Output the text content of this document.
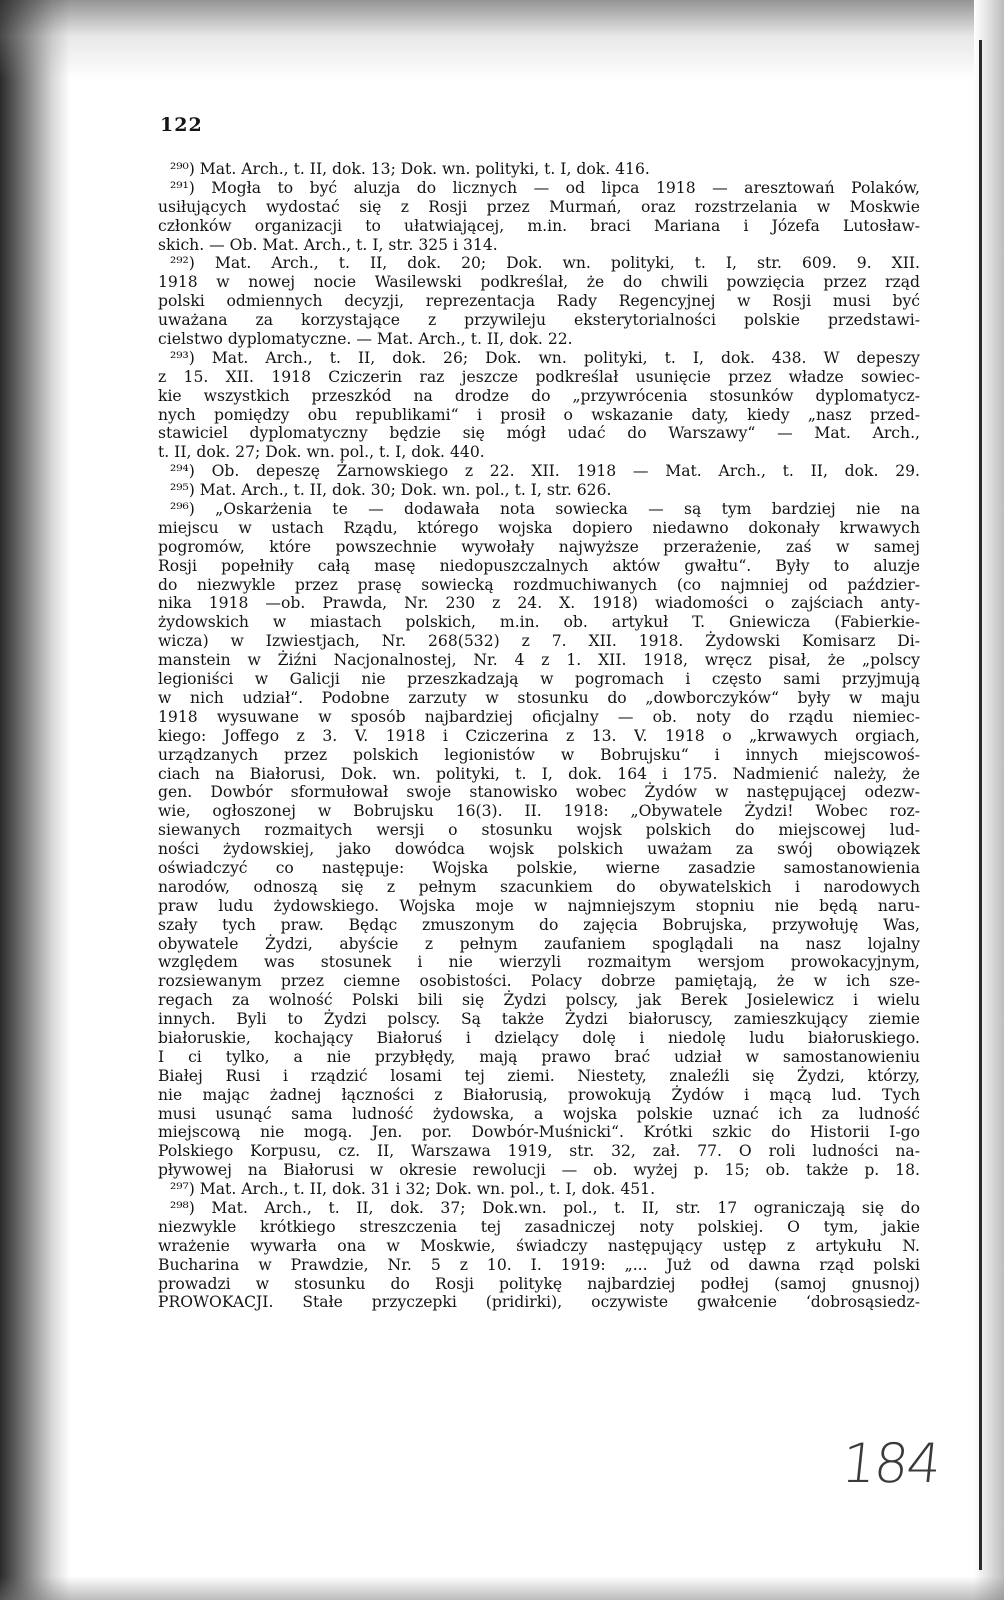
122
²⁹⁰) Mat. Arch., t. II, dok. 13; Dok. wn. polityki, t. I, dok. 416.
²⁹¹) Mogła to być aluzja do licznych — od lipca 1918 — aresztowań Polaków,
usiłujących wydostać się z Rosji przez Murmań, oraz rozstrzelania w Moskwie
członków organizacji to ułatwiającej, m.in. braci Mariana i Józefa Lutosław-
skich. — Ob. Mat. Arch., t. I, str. 325 i 314.
²⁹²) Mat. Arch., t. II, dok. 20; Dok. wn. polityki, t. I, str. 609. 9. XII.
1918 w nowej nocie Wasilewski podkreślał, że do chwili powzięcia przez rząd
polski odmiennych decyzji, reprezentacja Rady Regencyjnej w Rosji musi być
uważana za korzystające z przywileju eksterytorialności polskie przedstawi-
cielstwo dyplomatyczne. — Mat. Arch., t. II, dok. 22.
²⁹³) Mat. Arch., t. II, dok. 26; Dok. wn. polityki, t. I, dok. 438. W depeszy
z 15. XII. 1918 Cziczerin raz jeszcze podkreślał usunięcie przez władze sowiec-
kie wszystkich przeszkód na drodze do „przywrócenia stosunków dyplomatycz-
nych pomiędzy obu republikami“ i prosił o wskazanie daty, kiedy „nasz przed-
stawiciel dyplomatyczny będzie się mógł udać do Warszawy“ — Mat. Arch.,
t. II, dok. 27; Dok. wn. pol., t. I, dok. 440.
²⁹⁴) Ob. depeszę Żarnowskiego z 22. XII. 1918 — Mat. Arch., t. II, dok. 29.
²⁹⁵) Mat. Arch., t. II, dok. 30; Dok. wn. pol., t. I, str. 626.
²⁹⁶) „Oskarżenia te — dodawała nota sowiecka — są tym bardziej nie na
miejscu w ustach Rządu, którego wojska dopiero niedawno dokonały krwawych
pogromów, które powszechnie wywołały najwyższe przerażenie, zaś w samej
Rosji popełniły całą masę niedopuszczalnych aktów gwałtu“. Były to aluzje
do niezwykle przez prasę sowiecką rozdmuchiwanych (co najmniej od paździer-
nika 1918 —ob. Prawda, Nr. 230 z 24. X. 1918) wiadomości o zajściach anty-
żydowskich w miastach polskich, m.in. ob. artykuł T. Gniewicza (Fabierkie-
wicza) w Izwiestjach, Nr. 268(532) z 7. XII. 1918. Żydowski Komisarz Di-
manstein w Żiźni Nacjonalnostej, Nr. 4 z 1. XII. 1918, wręcz pisał, że „polscy
legioniści w Galicji nie przeszkadzają w pogromach i często sami przyjmują
w nich udział“. Podobne zarzuty w stosunku do „dowborczyków“ były w maju
1918 wysuwane w sposób najbardziej oficjalny — ob. noty do rządu niemiec-
kiego: Joffego z 3. V. 1918 i Cziczerina z 13. V. 1918 o „krwawych orgiach,
urządzanych przez polskich legionistów w Bobrujsku“ i innych miejscowoś-
ciach na Białorusi, Dok. wn. polityki, t. I, dok. 164 i 175. Nadmienić należy, że
gen. Dowbór sformułował swoje stanowisko wobec Żydów w następującej odezw-
wie, ogłoszonej w Bobrujsku 16(3). II. 1918: „Obywatele Żydzi! Wobec roz-
siewanych rozmaitych wersji o stosunku wojsk polskich do miejscowej lud-
ności żydowskiej, jako dowódca wojsk polskich uważam za swój obowiązek
oświadczyć co następuje: Wojska polskie, wierne zasadzie samostanowienia
narodów, odnoszą się z pełnym szacunkiem do obywatelskich i narodowych
praw ludu żydowskiego. Wojska moje w najmniejszym stopniu nie będą naru-
szały tych praw. Będąc zmuszonym do zajęcia Bobrujska, przywołuję Was,
obywatele Żydzi, abyście z pełnym zaufaniem spoglądali na nasz lojalny
względem was stosunek i nie wierzyli rozmaitym wersjom prowokacyjnym,
rozsiewanym przez ciemne osobistości. Polacy dobrze pamiętają, że w ich sze-
regach za wolność Polski bili się Żydzi polscy, jak Berek Josielewicz i wielu
innych. Byli to Żydzi polscy. Są także Żydzi białoruscy, zamieszkujący ziemie
białoruskie, kochający Białoruś i dzielący dolę i niedolę ludu białoruskiego.
I ci tylko, a nie przybłędy, mają prawo brać udział w samostanowieniu
Białej Rusi i rządzić losami tej ziemi. Niestety, znaleźli się Żydzi, którzy,
nie mając żadnej łączności z Białorusią, prowokują Żydów i mącą lud. Tych
musi usunąć sama ludność żydowska, a wojska polskie uznać ich za ludność
miejscową nie mogą. Jen. por. Dowbór-Muśnicki“. Krótki szkic do Historii I-go
Polskiego Korpusu, cz. II, Warszawa 1919, str. 32, zał. 77. O roli ludności na-
pływowej na Białorusi w okresie rewolucji — ob. wyżej p. 15; ob. także p. 18.
²⁹⁷) Mat. Arch., t. II, dok. 31 i 32; Dok. wn. pol., t. I, dok. 451.
²⁹⁸) Mat. Arch., t. II, dok. 37; Dok.wn. pol., t. II, str. 17 ograniczają się do
niezwykle krótkiego streszczenia tej zasadniczej noty polskiej. O tym, jakie
wrażenie wywarła ona w Moskwie, świadczy następujący ustęp z artykułu N.
Bucharina w Prawdzie, Nr. 5 z 10. I. 1919: „... Już od dawna rząd polski
prowadzi w stosunku do Rosji politykę najbardziej podłej (samoj gnusnoj)
PROWOKACJI. Stałe przyczepki (pridirki), oczywiste gwałcenie ‘dobrosąsiedz-
184
